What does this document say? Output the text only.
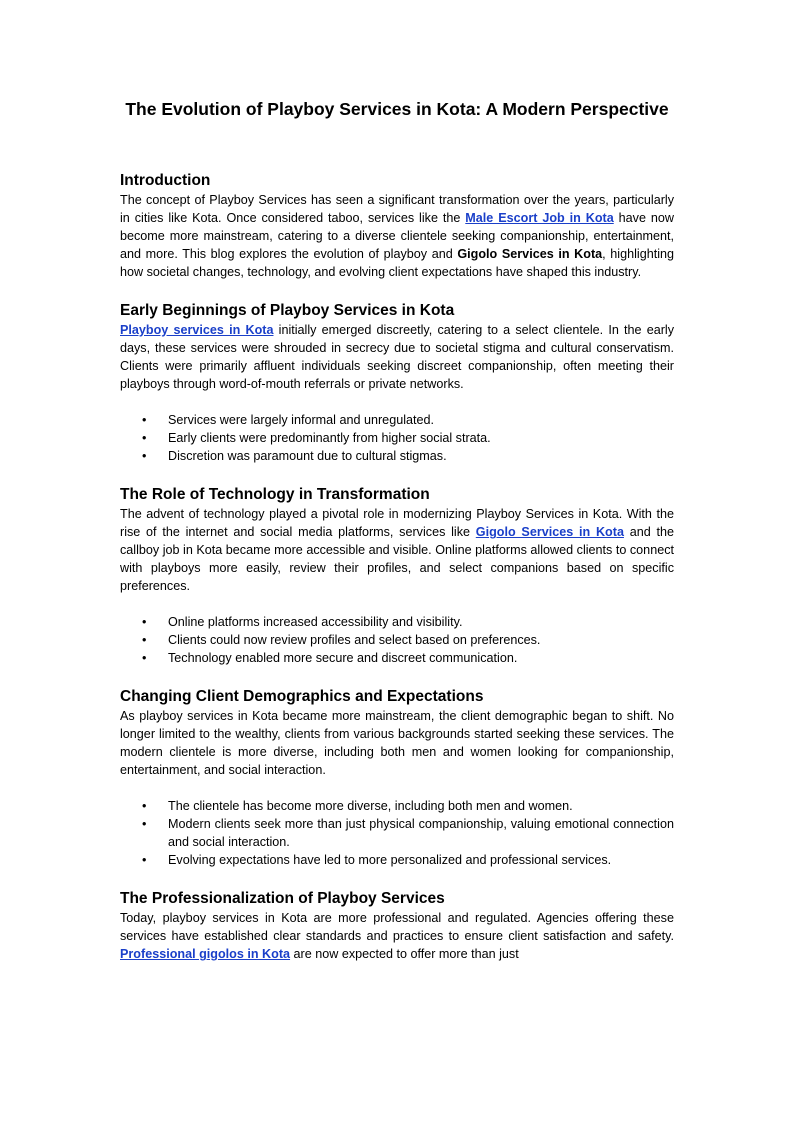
The Evolution of Playboy Services in Kota: A Modern Perspective
Introduction

The concept of Playboy Services has seen a significant transformation over the years, particularly in cities like Kota. Once considered taboo, services like the Male Escort Job in Kota have now become more mainstream, catering to a diverse clientele seeking companionship, entertainment, and more. This blog explores the evolution of playboy and Gigolo Services in Kota, highlighting how societal changes, technology, and evolving client expectations have shaped this industry.

Early Beginnings of Playboy Services in Kota

Playboy services in Kota initially emerged discreetly, catering to a select clientele. In the early days, these services were shrouded in secrecy due to societal stigma and cultural conservatism. Clients were primarily affluent individuals seeking discreet companionship, often meeting their playboys through word-of-mouth referrals or private networks.

• Services were largely informal and unregulated.
• Early clients were predominantly from higher social strata.
• Discretion was paramount due to cultural stigmas.
The Role of Technology in Transformation

The advent of technology played a pivotal role in modernizing Playboy Services in Kota. With the rise of the internet and social media platforms, services like Gigolo Services in Kota and the callboy job in Kota became more accessible and visible. Online platforms allowed clients to connect with playboys more easily, review their profiles, and select companions based on specific preferences.

• Online platforms increased accessibility and visibility.
• Clients could now review profiles and select based on preferences.
• Technology enabled more secure and discreet communication.
Changing Client Demographics and Expectations

As playboy services in Kota became more mainstream, the client demographic began to shift. No longer limited to the wealthy, clients from various backgrounds started seeking these services. The modern clientele is more diverse, including both men and women looking for companionship, entertainment, and social interaction.

• The clientele has become more diverse, including both men and women.
• Modern clients seek more than just physical companionship, valuing emotional connection and social interaction.
• Evolving expectations have led to more personalized and professional services.
The Professionalization of Playboy Services

Today, playboy services in Kota are more professional and regulated. Agencies offering these services have established clear standards and practices to ensure client satisfaction and safety. Professional gigolos in Kota are now expected to offer more than just
